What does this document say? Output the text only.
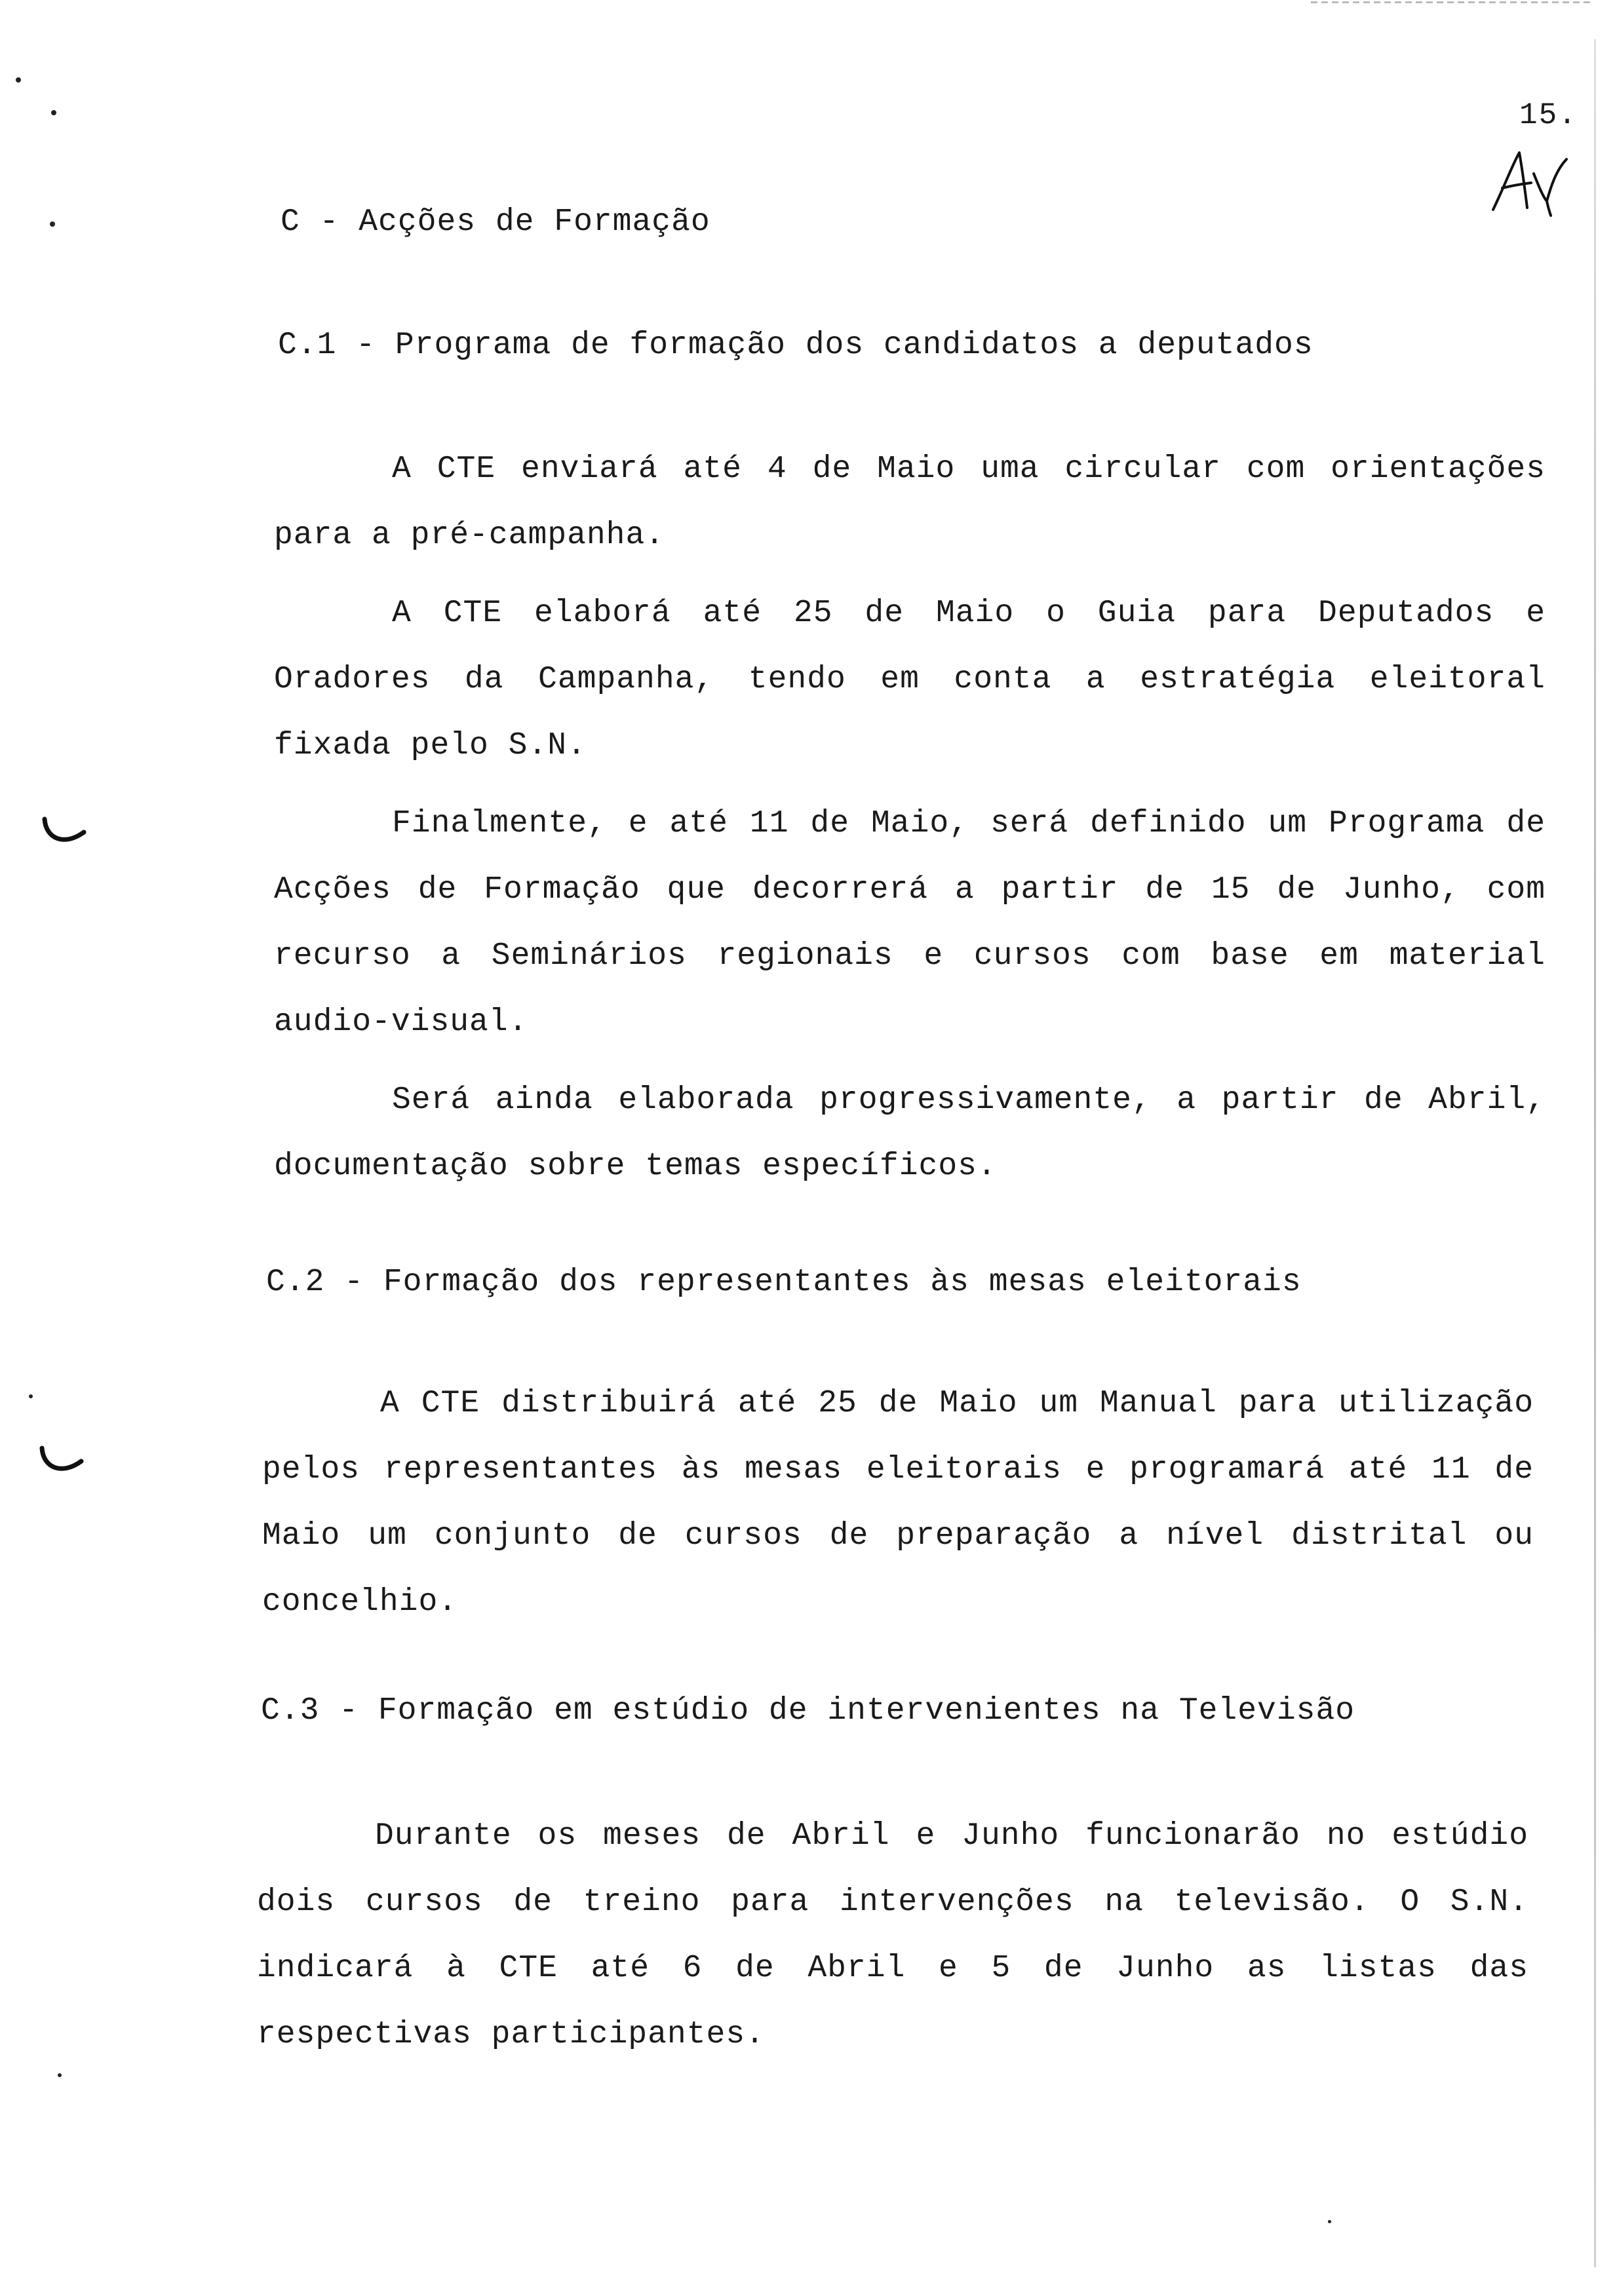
15.
C - Acções de Formação
C.1 - Programa de formação dos candidatos a deputados

A CTE enviará até 4 de Maio uma circular com orientações para a pré-campanha.

A CTE elaborá até 25 de Maio o Guia para Deputados e Oradores da Campanha, tendo em conta a estratégia eleitoral fixada pelo S.N.

Finalmente, e até 11 de Maio, será definido um Programa de Acções de Formação que decorrerá a partir de 15 de Junho, com recurso a Seminários regionais e cursos com base em material audio-visual.

Será ainda elaborada progressivamente, a partir de Abril, documentação sobre temas específicos.

C.2 - Formação dos representantes às mesas eleitorais

A CTE distribuirá até 25 de Maio um Manual para utilização pelos representantes às mesas eleitorais e programará até 11 de Maio um conjunto de cursos de preparação a nível distrital ou concelhio.

C.3 - Formação em estúdio de intervenientes na Televisão

Durante os meses de Abril e Junho funcionarão no estúdio dois cursos de treino para intervenções na televisão. O S.N. indicará à CTE até 6 de Abril e 5 de Junho as listas das respectivas participantes.
